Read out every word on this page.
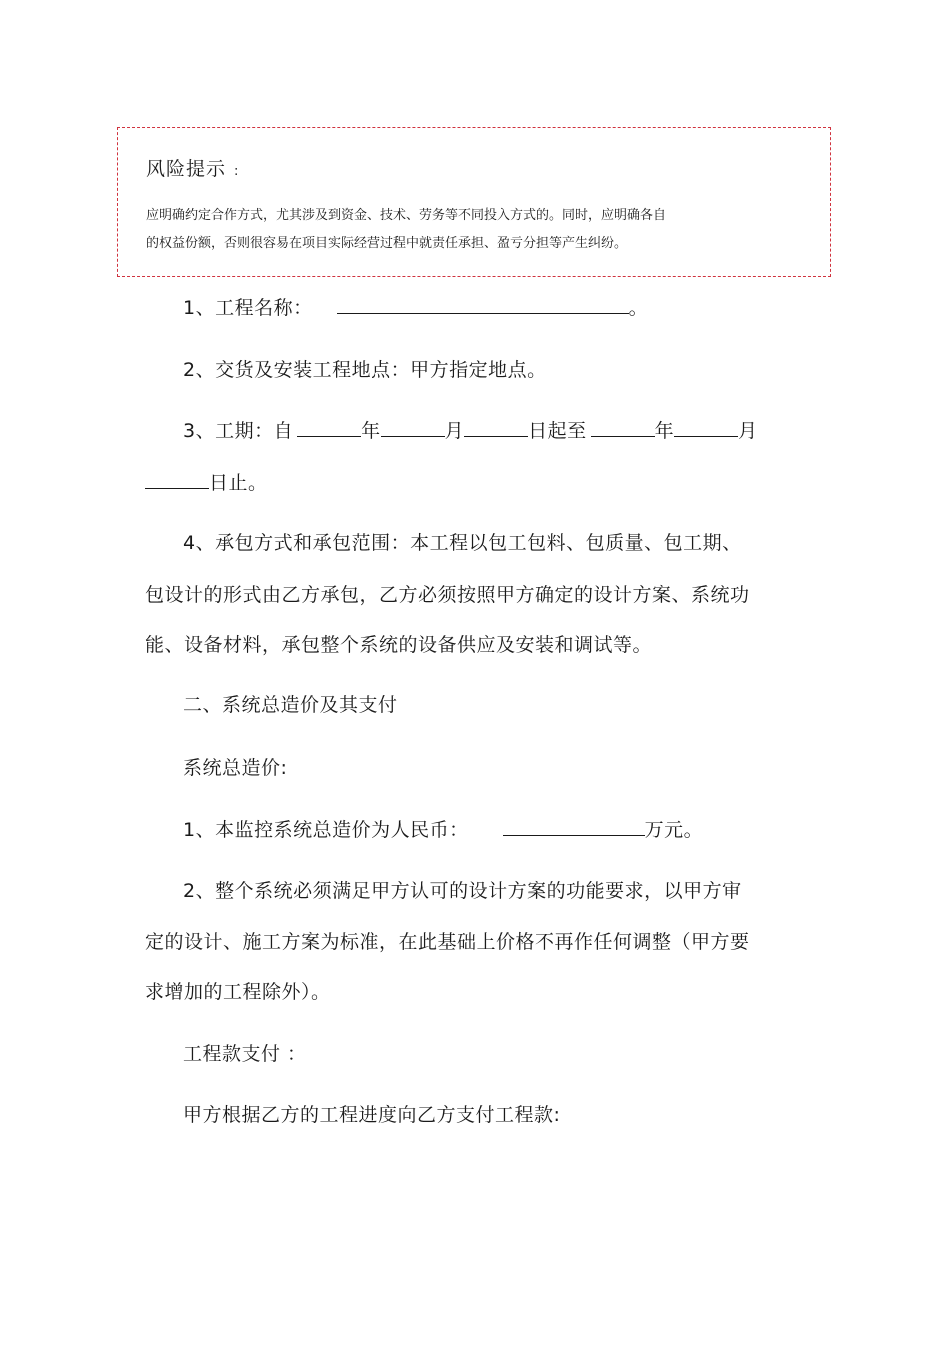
风险提示 :
应明确约定合作方式，尤其涉及到资金、技术、劳务等不同投入方式的。同时，应明确各自
的权益份额，否则很容易在项目实际经营过程中就责任承担、盈亏分担等产生纠纷。
1、工程名称：	。
2、交货及安装工程地点：甲方指定地点。
3、工期：自	年	月	日起至	年	月
日止。
4、承包方式和承包范围：本工程以包工包料、包质量、包工期、
包设计的形式由乙方承包，乙方必须按照甲方确定的设计方案、系统功
能、设备材料，承包整个系统的设备供应及安装和调试等。
二、系统总造价及其支付
系统总造价:
1、本监控系统总造价为人民币：	万元。
2、整个系统必须满足甲方认可的设计方案的功能要求，以甲方审
定的设计、施工方案为标准，在此基础上价格不再作任何调整（甲方要
求增加的工程除外）。
工程款支付 ：
甲方根据乙方的工程进度向乙方支付工程款:
